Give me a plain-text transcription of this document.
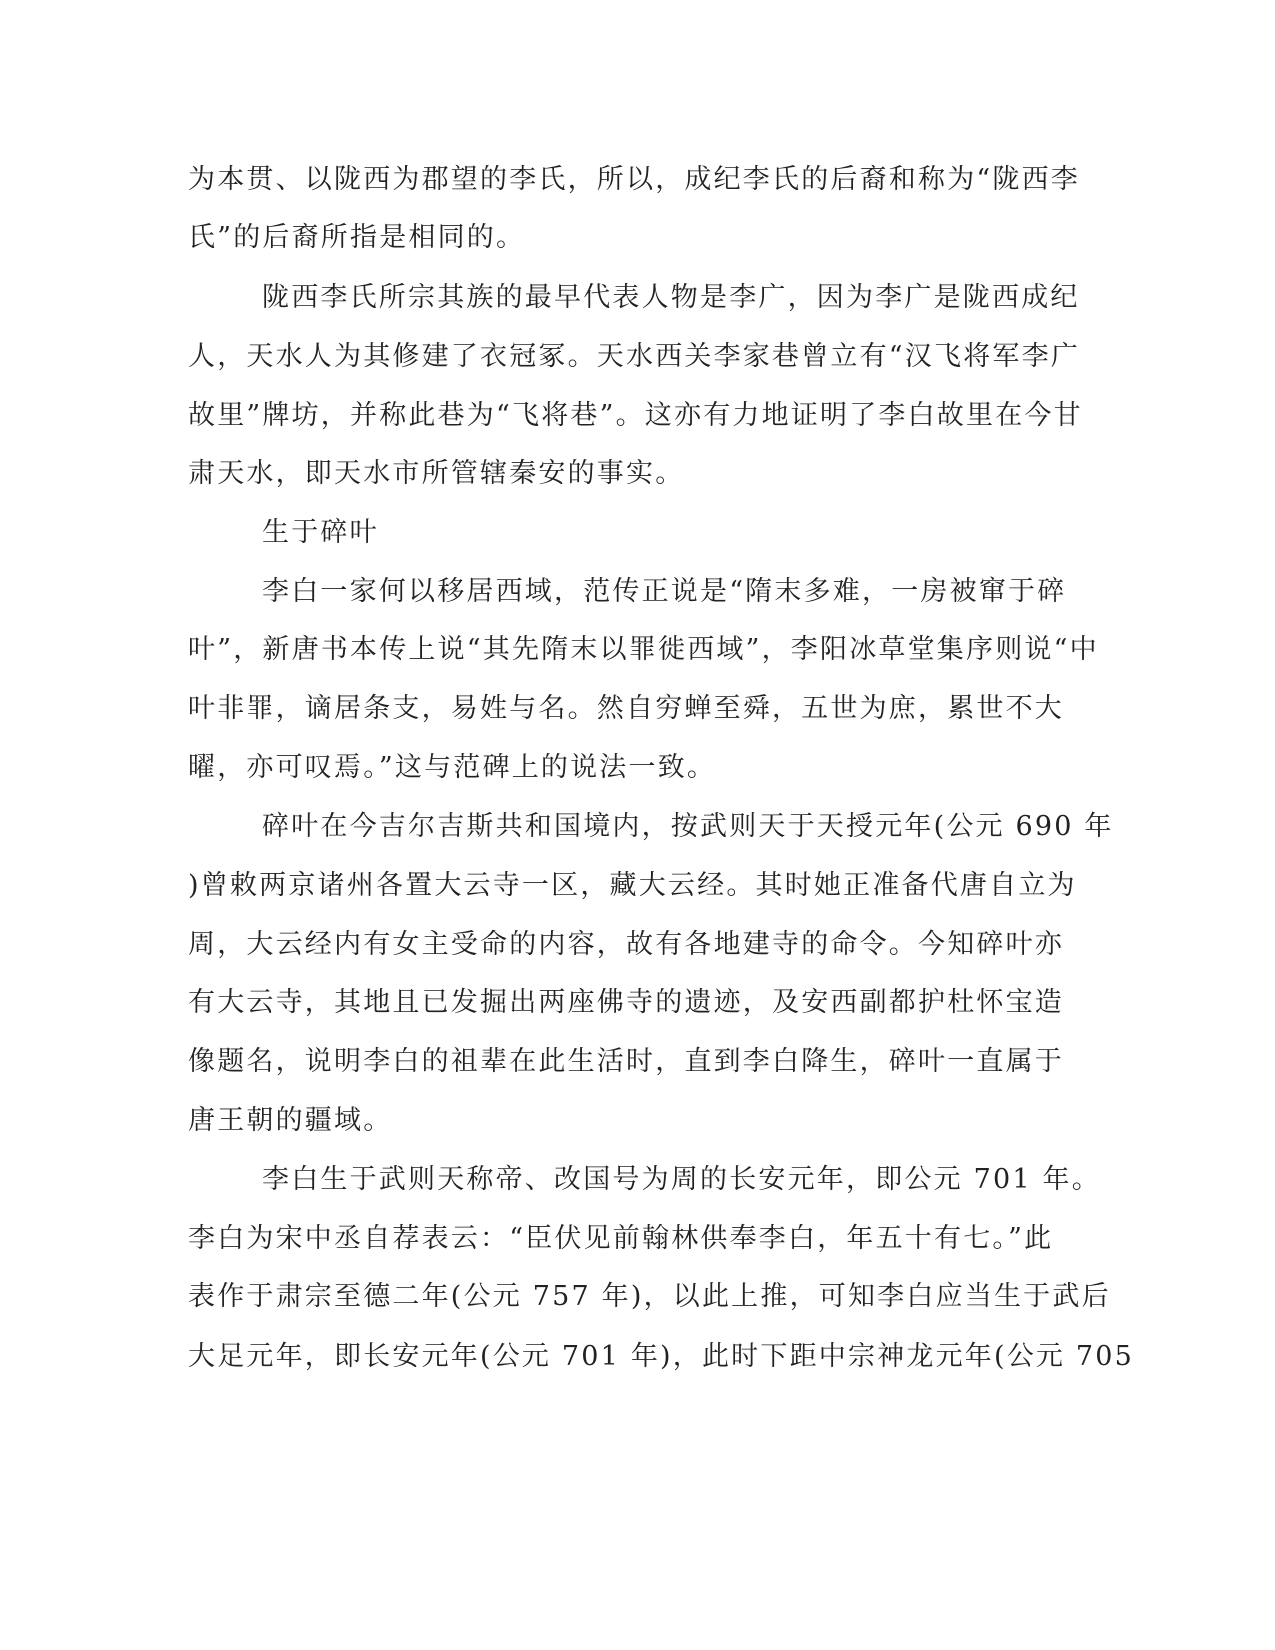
为本贯、以陇西为郡望的李氏，所以，成纪李氏的后裔和称为“陇西李
氏”的后裔所指是相同的。
陇西李氏所宗其族的最早代表人物是李广，因为李广是陇西成纪
人，天水人为其修建了衣冠冢。天水西关李家巷曾立有“汉飞将军李广
故里”牌坊，并称此巷为“飞将巷”。这亦有力地证明了李白故里在今甘
肃天水，即天水市所管辖秦安的事实。
生于碎叶
李白一家何以移居西域，范传正说是“隋末多难，一房被窜于碎
叶”，新唐书本传上说“其先隋末以罪徙西域”，李阳冰草堂集序则说“中
叶非罪，谪居条支，易姓与名。然自穷蝉至舜，五世为庶，累世不大
曜，亦可叹焉。”这与范碑上的说法一致。
碎叶在今吉尔吉斯共和国境内，按武则天于天授元年(公元 690 年
)曾敕两京诸州各置大云寺一区，藏大云经。其时她正准备代唐自立为
周，大云经内有女主受命的内容，故有各地建寺的命令。今知碎叶亦
有大云寺，其地且已发掘出两座佛寺的遗迹，及安西副都护杜怀宝造
像题名，说明李白的祖辈在此生活时，直到李白降生，碎叶一直属于
唐王朝的疆域。
李白生于武则天称帝、改国号为周的长安元年，即公元 701 年。
李白为宋中丞自荐表云：“臣伏见前翰林供奉李白，年五十有七。”此
表作于肃宗至德二年(公元 757 年)，以此上推，可知李白应当生于武后
大足元年，即长安元年(公元 701 年)，此时下距中宗神龙元年(公元 705
